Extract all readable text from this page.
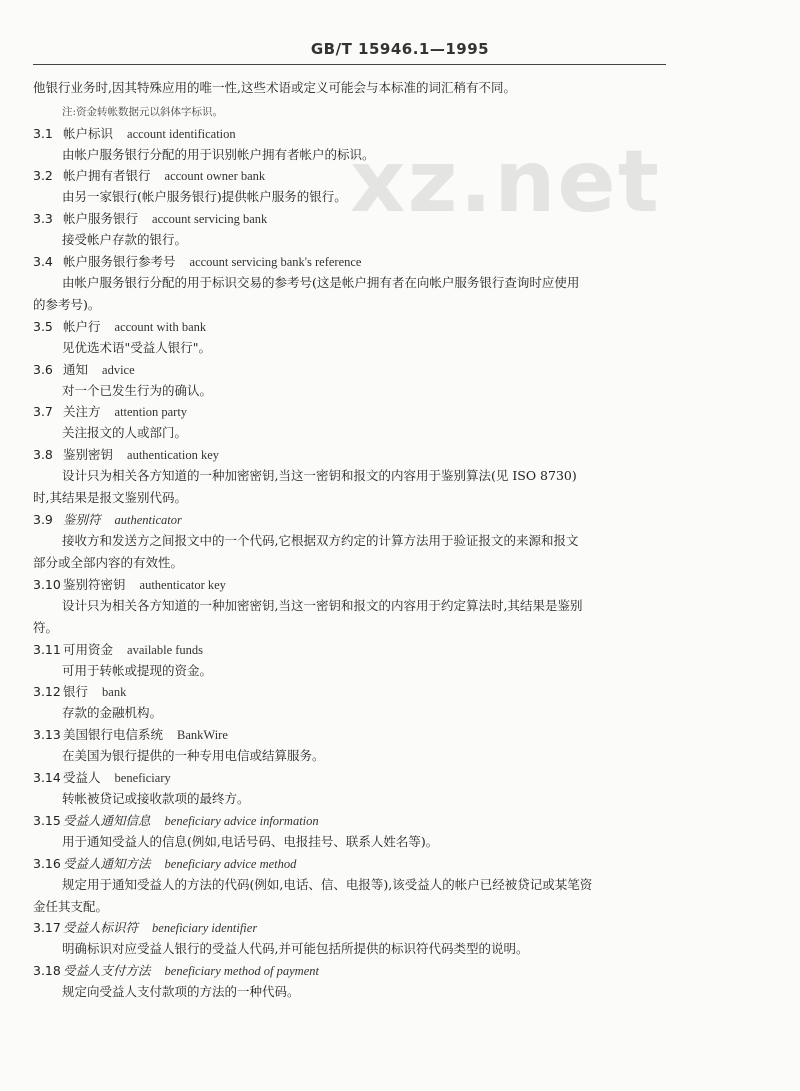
GB/T 15946.1—1995
xz.net
他银行业务时,因其特殊应用的唯一性,这些术语或定义可能会与本标准的词汇稍有不同。
注:资金转帐数据元以斜体字标识。
3.1 帐户标识 account identification
由帐户服务银行分配的用于识别帐户拥有者帐户的标识。
3.2 帐户拥有者银行 account owner bank
由另一家银行(帐户服务银行)提供帐户服务的银行。
3.3 帐户服务银行 account servicing bank
接受帐户存款的银行。
3.4 帐户服务银行参考号 account servicing bank's reference
由帐户服务银行分配的用于标识交易的参考号(这是帐户拥有者在向帐户服务银行查询时应使用
的参考号)。
3.5 帐户行 account with bank
见优选术语"受益人银行"。
3.6 通知 advice
对一个已发生行为的确认。
3.7 关注方 attention party
关注报文的人或部门。
3.8 鉴别密钥 authentication key
设计只为相关各方知道的一种加密密钥,当这一密钥和报文的内容用于鉴别算法(见 ISO 8730)
时,其结果是报文鉴别代码。
3.9 鉴别符 authenticator
接收方和发送方之间报文中的一个代码,它根据双方约定的计算方法用于验证报文的来源和报文
部分或全部内容的有效性。
3.10 鉴别符密钥 authenticator key
设计只为相关各方知道的一种加密密钥,当这一密钥和报文的内容用于约定算法时,其结果是鉴别
符。
3.11 可用资金 available funds
可用于转帐或提现的资金。
3.12 银行 bank
存款的金融机构。
3.13 美国银行电信系统 BankWire
在美国为银行提供的一种专用电信或结算服务。
3.14 受益人 beneficiary
转帐被贷记或接收款项的最终方。
3.15 受益人通知信息 beneficiary advice information
用于通知受益人的信息(例如,电话号码、电报挂号、联系人姓名等)。
3.16 受益人通知方法 beneficiary advice method
规定用于通知受益人的方法的代码(例如,电话、信、电报等),该受益人的帐户已经被贷记或某笔资
金任其支配。
3.17 受益人标识符 beneficiary identifier
明确标识对应受益人银行的受益人代码,并可能包括所提供的标识符代码类型的说明。
3.18 受益人支付方法 beneficiary method of payment
规定向受益人支付款项的方法的一种代码。
